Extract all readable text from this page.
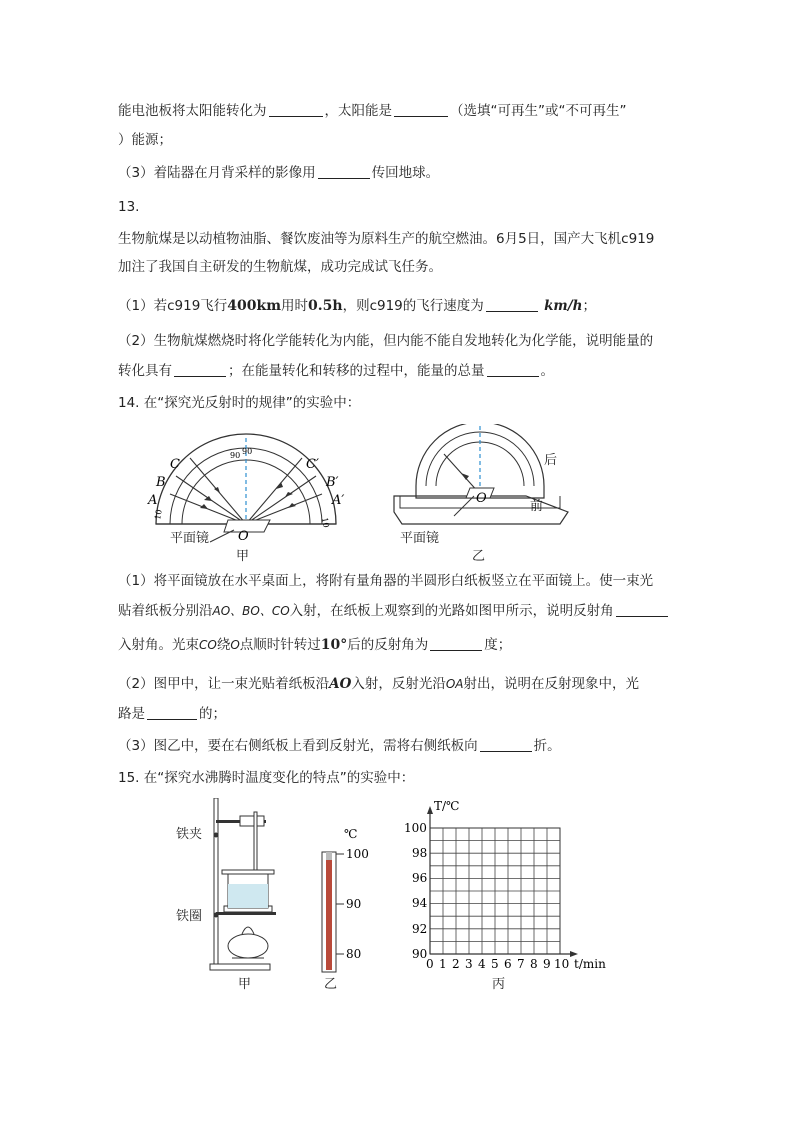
能电池板将太阳能转化为	，太阳能是	（选填“可再生”或“不可再生”
）能源；
（3）着陆器在月背采样的影像用	传回地球。
13.
生物航煤是以动植物油脂、餐饮废油等为原料生产的航空燃油。6月5日，国产大飞机c919
加注了我国自主研发的生物航煤，成功完成试飞任务。
（1）若c919飞行400km用时0.5h，则c919的飞行速度为	km/h；
（2）生物航煤燃烧时将化学能转化为内能，但内能不能自发地转化为化学能，说明能量的
转化具有	；在能量转化和转移的过程中，能量的总量	。
14. 在“探究光反射时的规律”的实验中：
C
B
A
C′
B′
A′
O
90 90
10
10
平面镜
甲
O
后
前
平面镜
乙
（1）将平面镜放在水平桌面上，将附有量角器的半圆形白纸板竖立在平面镜上。使一束光
贴着纸板分别沿AO、BO、CO入射，在纸板上观察到的光路如图甲所示，说明反射角
入射角。光束CO绕O点顺时针转过10°后的反射角为	度；
（2）图甲中，让一束光贴着纸板沿AO入射，反射光沿OA射出，说明在反射现象中，光
路是	的；
（3）图乙中，要在右侧纸板上看到反射光，需将右侧纸板向	折。
15. 在“探究水沸腾时温度变化的特点”的实验中：
铁夹
铁圈
甲
℃
100
90
80
乙
T/℃
t/min
100
98
96
94
92
90
0 1 2 3 4 5 6 7 8 9 10
丙
